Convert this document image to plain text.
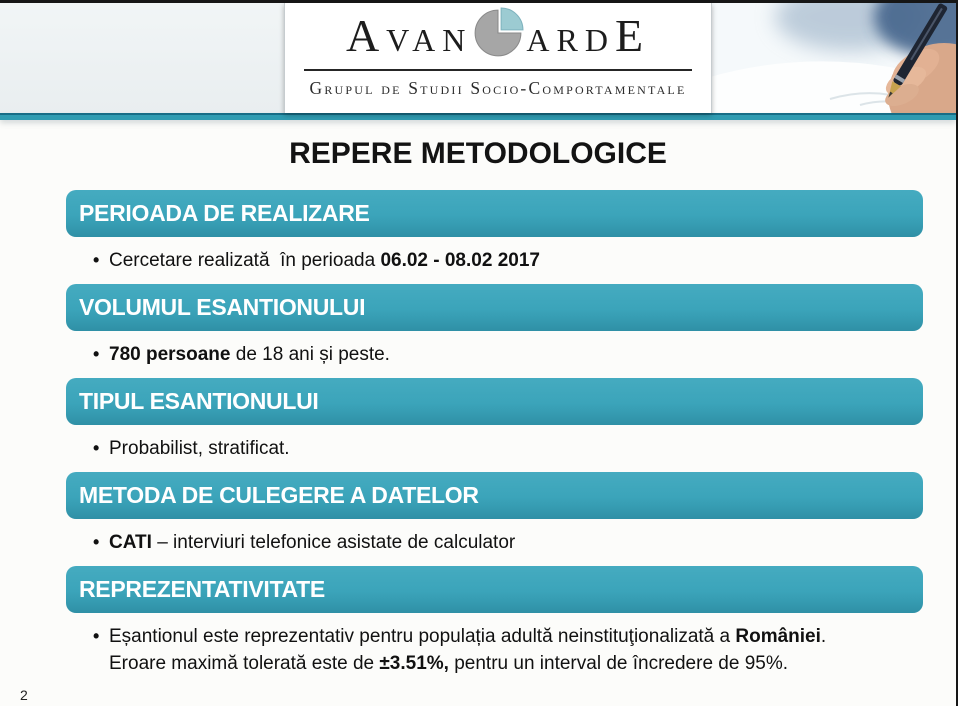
Avan ardE
Grupul de Studii Socio-Comportamentale
REPERE METODOLOGICE
PERIOADA DE REALIZARE
• Cercetare realizată  în perioada 06.02 - 08.02 2017
VOLUMUL ESANTIONULUI
• 780 persoane de 18 ani și peste.
TIPUL ESANTIONULUI
• Probabilist, stratificat.
METODA DE CULEGERE A DATELOR
• CATI – interviuri telefonice asistate de calculator
REPREZENTATIVITATE
• Eșantionul este reprezentativ pentru populația adultă neinstituţionalizată a României.
Eroare maximă tolerată este de ±3.51%, pentru un interval de încredere de 95%.
2
